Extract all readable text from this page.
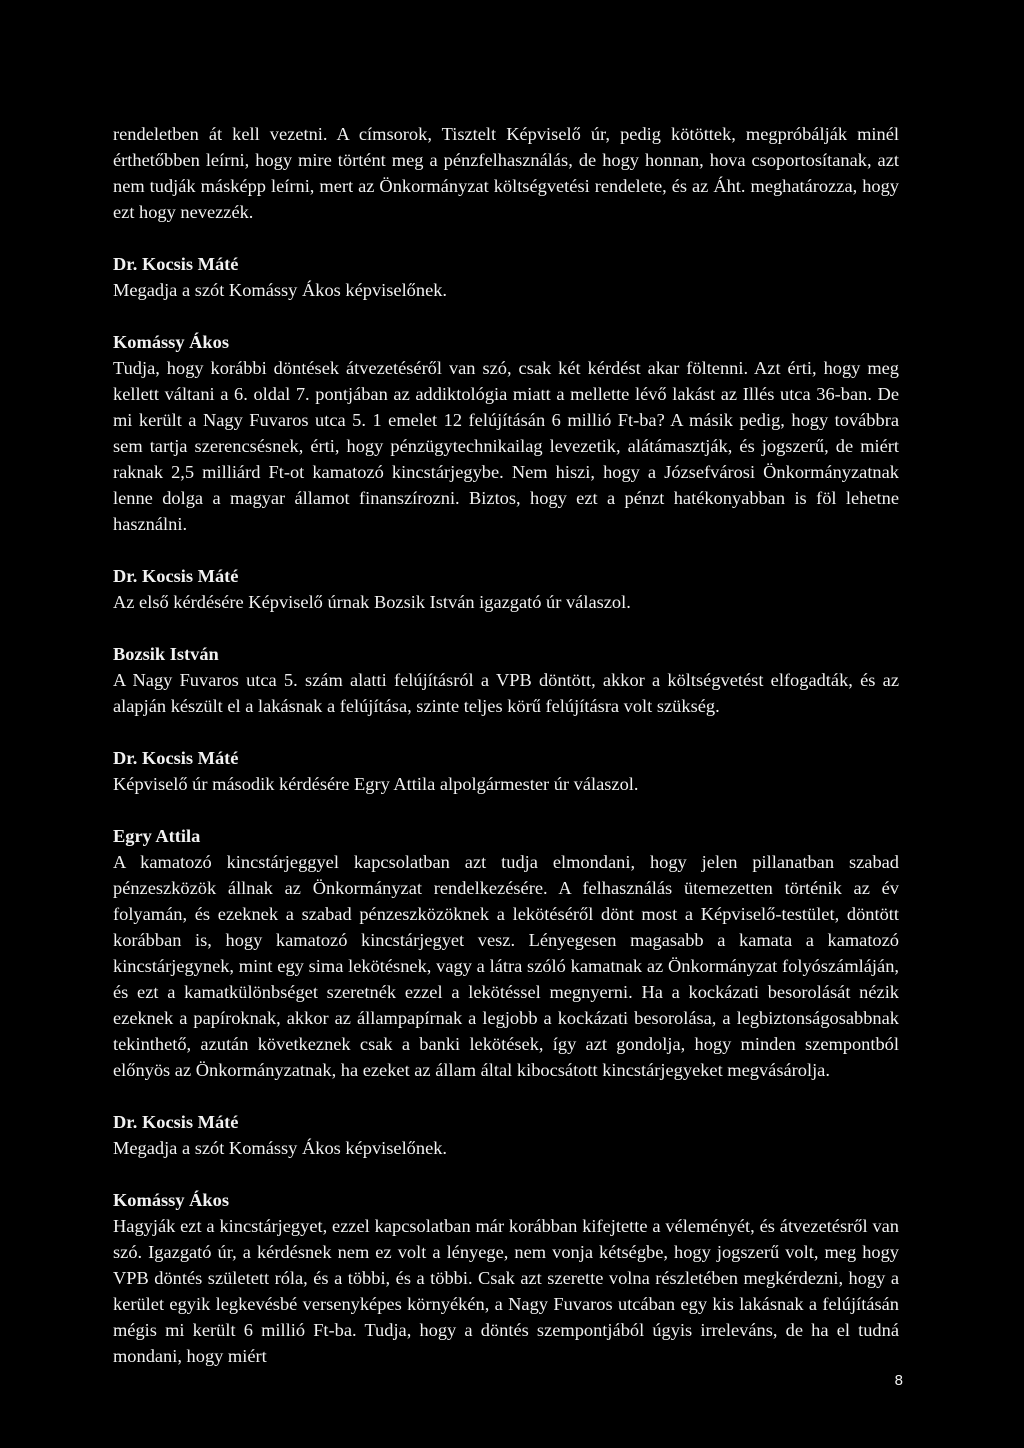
rendeletben át kell vezetni. A címsorok, Tisztelt Képviselő úr, pedig kötöttek, megpróbálják minél érthetőbben leírni, hogy mire történt meg a pénzfelhasználás, de hogy honnan, hova csoportosítanak, azt nem tudják másképp leírni, mert az Önkormányzat költségvetési rendelete, és az Áht. meghatározza, hogy ezt hogy nevezzék.

Dr. Kocsis Máté

Megadja a szót Komássy Ákos képviselőnek.

Komássy Ákos

Tudja, hogy korábbi döntések átvezetéséről van szó, csak két kérdést akar föltenni. Azt érti, hogy meg kellett váltani a 6. oldal 7. pontjában az addiktológia miatt a mellette lévő lakást az Illés utca 36-ban. De mi került a Nagy Fuvaros utca 5. 1 emelet 12 felújításán 6 millió Ft-ba? A másik pedig, hogy továbbra sem tartja szerencsésnek, érti, hogy pénzügytechnikailag levezetik, alátámasztják, és jogszerű, de miért raknak 2,5 milliárd Ft-ot kamatozó kincstárjegybe. Nem hiszi, hogy a Józsefvárosi Önkormányzatnak lenne dolga a magyar államot finanszírozni. Biztos, hogy ezt a pénzt hatékonyabban is föl lehetne használni.

Dr. Kocsis Máté

Az első kérdésére Képviselő úrnak Bozsik István igazgató úr válaszol.

Bozsik István

A Nagy Fuvaros utca 5. szám alatti felújításról a VPB döntött, akkor a költségvetést elfogadták, és az alapján készült el a lakásnak a felújítása, szinte teljes körű felújításra volt szükség.

Dr. Kocsis Máté

Képviselő úr második kérdésére Egry Attila alpolgármester úr válaszol.

Egry Attila

A kamatozó kincstárjeggyel kapcsolatban azt tudja elmondani, hogy jelen pillanatban szabad pénzeszközök állnak az Önkormányzat rendelkezésére. A felhasználás ütemezetten történik az év folyamán, és ezeknek a szabad pénzeszközöknek a lekötéséről dönt most a Képviselő-testület, döntött korábban is, hogy kamatozó kincstárjegyet vesz. Lényegesen magasabb a kamata a kamatozó kincstárjegynek, mint egy sima lekötésnek, vagy a látra szóló kamatnak az Önkormányzat folyószámláján, és ezt a kamatkülönbséget szeretnék ezzel a lekötéssel megnyerni. Ha a kockázati besorolását nézik ezeknek a papíroknak, akkor az állampapírnak a legjobb a kockázati besorolása, a legbiztonságosabbnak tekinthető, azután következnek csak a banki lekötések, így azt gondolja, hogy minden szempontból előnyös az Önkormányzatnak, ha ezeket az állam által kibocsátott kincstárjegyeket megvásárolja.

Dr. Kocsis Máté

Megadja a szót Komássy Ákos képviselőnek.

Komássy Ákos

Hagyják ezt a kincstárjegyet, ezzel kapcsolatban már korábban kifejtette a véleményét, és átvezetésről van szó. Igazgató úr, a kérdésnek nem ez volt a lényege, nem vonja kétségbe, hogy jogszerű volt, meg hogy VPB döntés született róla, és a többi, és a többi. Csak azt szerette volna részletében megkérdezni, hogy a kerület egyik legkevésbé versenyképes környékén, a Nagy Fuvaros utcában egy kis lakásnak a felújításán mégis mi került 6 millió Ft-ba. Tudja, hogy a döntés szempontjából úgyis irreleváns, de ha el tudná mondani, hogy miért

8
